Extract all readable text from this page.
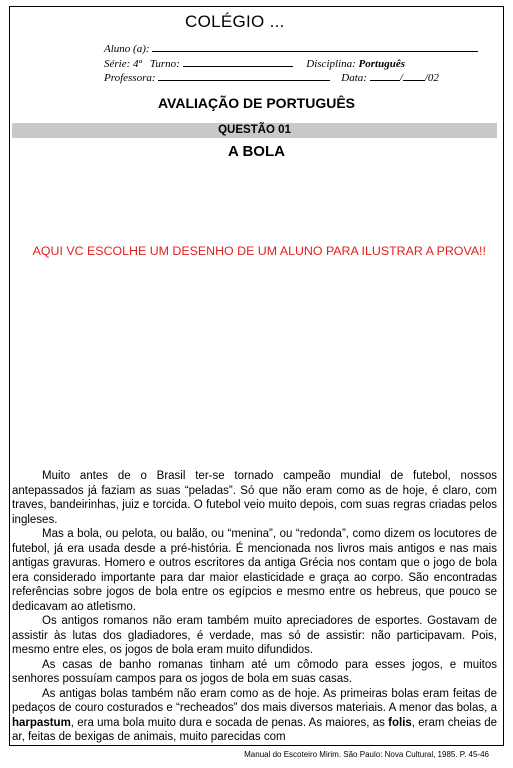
COLÉGIO ...
Aluno (a):
Série: 4ª Turno:	Disciplina: Português
Professora:	Data:	/ /02
AVALIAÇÃO DE PORTUGUÊS
QUESTÃO 01
A BOLA
AQUI VC ESCOLHE UM DESENHO DE UM ALUNO PARA ILUSTRAR A PROVA!!

Muito antes de o Brasil ter-se tornado campeão mundial de futebol, nossos antepassados já faziam as suas “peladas”. Só que não eram como as de hoje, é claro, com traves, bandeirinhas, juiz e torcida. O futebol veio muito depois, com suas regras criadas pelos ingleses.

Mas a bola, ou pelota, ou balão, ou “menina”, ou “redonda”, como dizem os locutores de futebol, já era usada desde a pré-história. É mencionada nos livros mais antigos e nas mais antigas gravuras. Homero e outros escritores da antiga Grécia nos contam que o jogo de bola era considerado importante para dar maior elasticidade e graça ao corpo. São encontradas referências sobre jogos de bola entre os egípcios e mesmo entre os hebreus, que pouco se dedicavam ao atletismo.

Os antigos romanos não eram também muito apreciadores de esportes. Gostavam de assistir às lutas dos gladiadores, é verdade, mas só de assistir: não participavam. Pois, mesmo entre eles, os jogos de bola eram muito difundidos.

As casas de banho romanas tinham até um cômodo para esses jogos, e muitos senhores possuíam campos para os jogos de bola em suas casas.

As antigas bolas também não eram como as de hoje. As primeiras bolas eram feitas de pedaços de couro costurados e “recheados” dos mais diversos materiais. A menor das bolas, a harpastum, era uma bola muito dura e socada de penas. As maiores, as folis, eram cheias de ar, feitas de bexigas de animais, muito parecidas com

Manual do Escoteiro Mirim. São Paulo: Nova Cultural, 1985. P. 45-46
